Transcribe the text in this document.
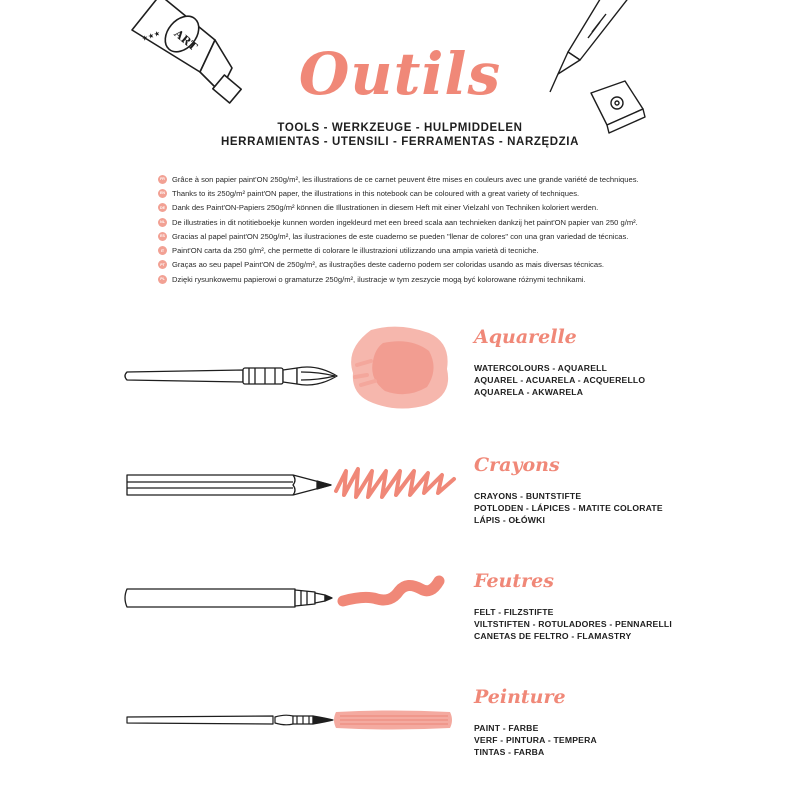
ART
★★★
Outils
TOOLS - WERKZEUGE - HULPMIDDELEN
HERRAMIENTAS - UTENSILI - FERRAMENTAS - NARZĘDZIA
FR Grâce à son papier paint'ON 250g/m², les illustrations de ce carnet peuvent être mises en couleurs avec une grande variété de techniques.
EN Thanks to its 250g/m² paint'ON paper, the illustrations in this notebook can be coloured with a great variety of techniques.
DE Dank des Paint'ON-Papiers 250g/m² können die Illustrationen in diesem Heft mit einer Vielzahl von Techniken koloriert werden.
NL De illustraties in dit notitieboekje kunnen worden ingekleurd met een breed scala aan technieken dankzij het paint'ON papier van 250 g/m².
ES Gracias al papel paint'ON 250g/m², las ilustraciones de este cuaderno se pueden "llenar de colores" con una gran variedad de técnicas.
IT	Paint'ON carta da 250 g/m², che permette di colorare le illustrazioni utilizzando una ampia varietà di tecniche.
PT Graças ao seu papel Paint'ON de 250g/m², as ilustrações deste caderno podem ser coloridas usando as mais diversas técnicas.
PL Dzięki rysunkowemu papierowi o gramaturze 250g/m², ilustracje w tym zeszycie mogą być kolorowane różnymi technikami.
Aquarelle
WATERCOLOURS - AQUARELL
AQUAREL - ACUARELA - ACQUERELLO
AQUARELA - AKWARELA
Crayons
CRAYONS - BUNTSTIFTE
POTLODEN - LÁPICES - MATITE COLORATE
LÁPIS - OŁÓWKI
Feutres
FELT - FILZSTIFTE
VILTSTIFTEN - ROTULADORES - PENNARELLI
CANETAS DE FELTRO - FLAMASTRY
Peinture
PAINT - FARBE
VERF - PINTURA - TEMPERA
TINTAS - FARBA
